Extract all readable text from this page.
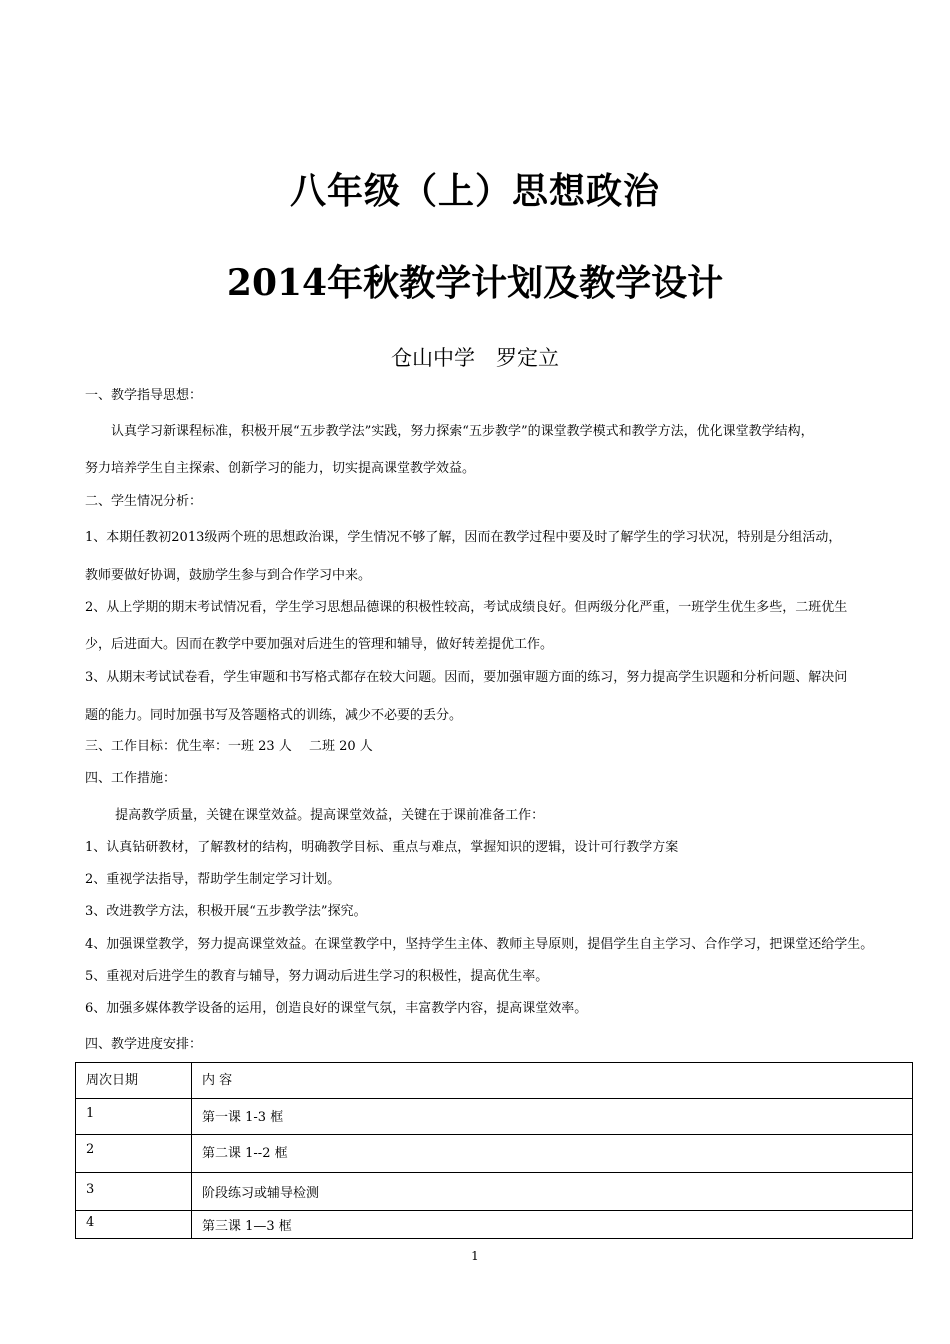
八年级（上）思想政治
2014年秋教学计划及教学设计
仓山中学　罗定立

一、教学指导思想：

　　认真学习新课程标准，积极开展“五步教学法”实践，努力探索“五步教学”的课堂教学模式和教学方法，优化课堂教学结构，

努力培养学生自主探索、创新学习的能力，切实提高课堂教学效益。

二、学生情况分析：

1、本期任教初2013级两个班的思想政治课，学生情况不够了解，因而在教学过程中要及时了解学生的学习状况，特别是分组活动，

教师要做好协调，鼓励学生参与到合作学习中来。

2、从上学期的期末考试情况看，学生学习思想品德课的积极性较高，考试成绩良好。但两级分化严重，一班学生优生多些，二班优生

少，后进面大。因而在教学中要加强对后进生的管理和辅导，做好转差提优工作。

3、从期末考试试卷看，学生审题和书写格式都存在较大问题。因而，要加强审题方面的练习，努力提高学生识题和分析问题、解决问

题的能力。同时加强书写及答题格式的训练，减少不必要的丢分。

三、工作目标：优生率：一班 23 人　 二班 20 人

四、工作措施：

　　 提高教学质量，关键在课堂效益。提高课堂效益，关键在于课前准备工作：

1、认真钻研教材，了解教材的结构，明确教学目标、重点与难点，掌握知识的逻辑，设计可行教学方案

2、重视学法指导，帮助学生制定学习计划。

3、改进教学方法，积极开展“五步教学法”探究。

4、加强课堂教学，努力提高课堂效益。在课堂教学中，坚持学生主体、教师主导原则，提倡学生自主学习、合作学习，把课堂还给学生。

5、重视对后进学生的教育与辅导，努力调动后进生学习的积极性，提高优生率。

6、加强多媒体教学设备的运用，创造良好的课堂气氛，丰富教学内容，提高课堂效率。

四、教学进度安排：

周次日期	内 容
1	第一课 1-3 框
2	第二课 1--2 框
3	阶段练习或辅导检测
4	第三课 1—3 框
1
